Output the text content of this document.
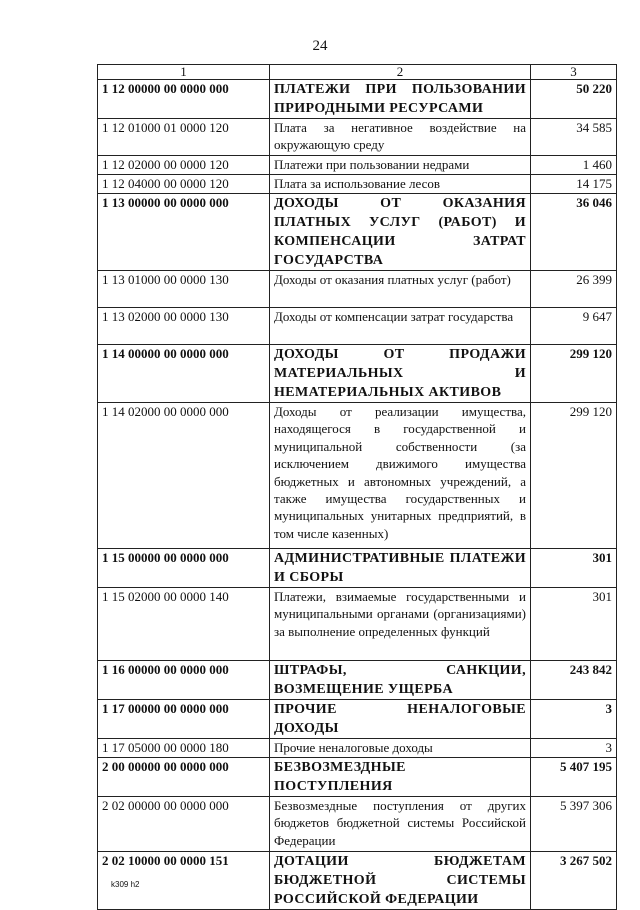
24
1	2	3
1 12 00000 00 0000 000	ПЛАТЕЖИ ПРИ ПОЛЬЗОВАНИИ ПРИРОДНЫМИ РЕСУРСАМИ	50 220
1 12 01000 01 0000 120	Плата за негативное воздействие на окружающую среду	34 585
1 12 02000 00 0000 120	Платежи при пользовании недрами	1 460
1 12 04000 00 0000 120	Плата за использование лесов	14 175
1 13 00000 00 0000 000	ДОХОДЫ ОТ ОКАЗАНИЯ ПЛАТНЫХ УСЛУГ (РАБОТ) И КОМПЕНСАЦИИ ЗАТРАТ ГОСУДАРСТВА	36 046
1 13 01000 00 0000 130	Доходы от оказания платных услуг (работ)	26 399
1 13 02000 00 0000 130	Доходы от компенсации затрат государства	9 647
1 14 00000 00 0000 000	ДОХОДЫ ОТ ПРОДАЖИ МАТЕРИАЛЬНЫХ И НЕМАТЕРИАЛЬНЫХ АКТИВОВ	299 120
1 14 02000 00 0000 000	Доходы от реализации имущества, находящегося в государственной и муниципальной собственности (за исключением движимого имущества бюджетных и автономных учреждений, а также имущества государственных и муниципальных унитарных предприятий, в том числе казенных)	299 120
1 15 00000 00 0000 000	АДМИНИСТРАТИВНЫЕ ПЛАТЕЖИ И СБОРЫ	301
1 15 02000 00 0000 140	Платежи, взимаемые государственными и муниципальными органами (организациями) за выполнение определенных функций	301
1 16 00000 00 0000 000	ШТРАФЫ, САНКЦИИ, ВОЗМЕЩЕНИЕ УЩЕРБА	243 842
1 17 00000 00 0000 000	ПРОЧИЕ НЕНАЛОГОВЫЕ ДОХОДЫ	3
1 17 05000 00 0000 180	Прочие неналоговые доходы	3
2 00 00000 00 0000 000	БЕЗВОЗМЕЗДНЫЕ ПОСТУПЛЕНИЯ	5 407 195
2 02 00000 00 0000 000	Безвозмездные поступления от других бюджетов бюджетной системы Российской Федерации	5 397 306
2 02 10000 00 0000 151	ДОТАЦИИ БЮДЖЕТАМ БЮДЖЕТНОЙ СИСТЕМЫ РОССИЙСКОЙ ФЕДЕРАЦИИ	3 267 502
k309 h2
